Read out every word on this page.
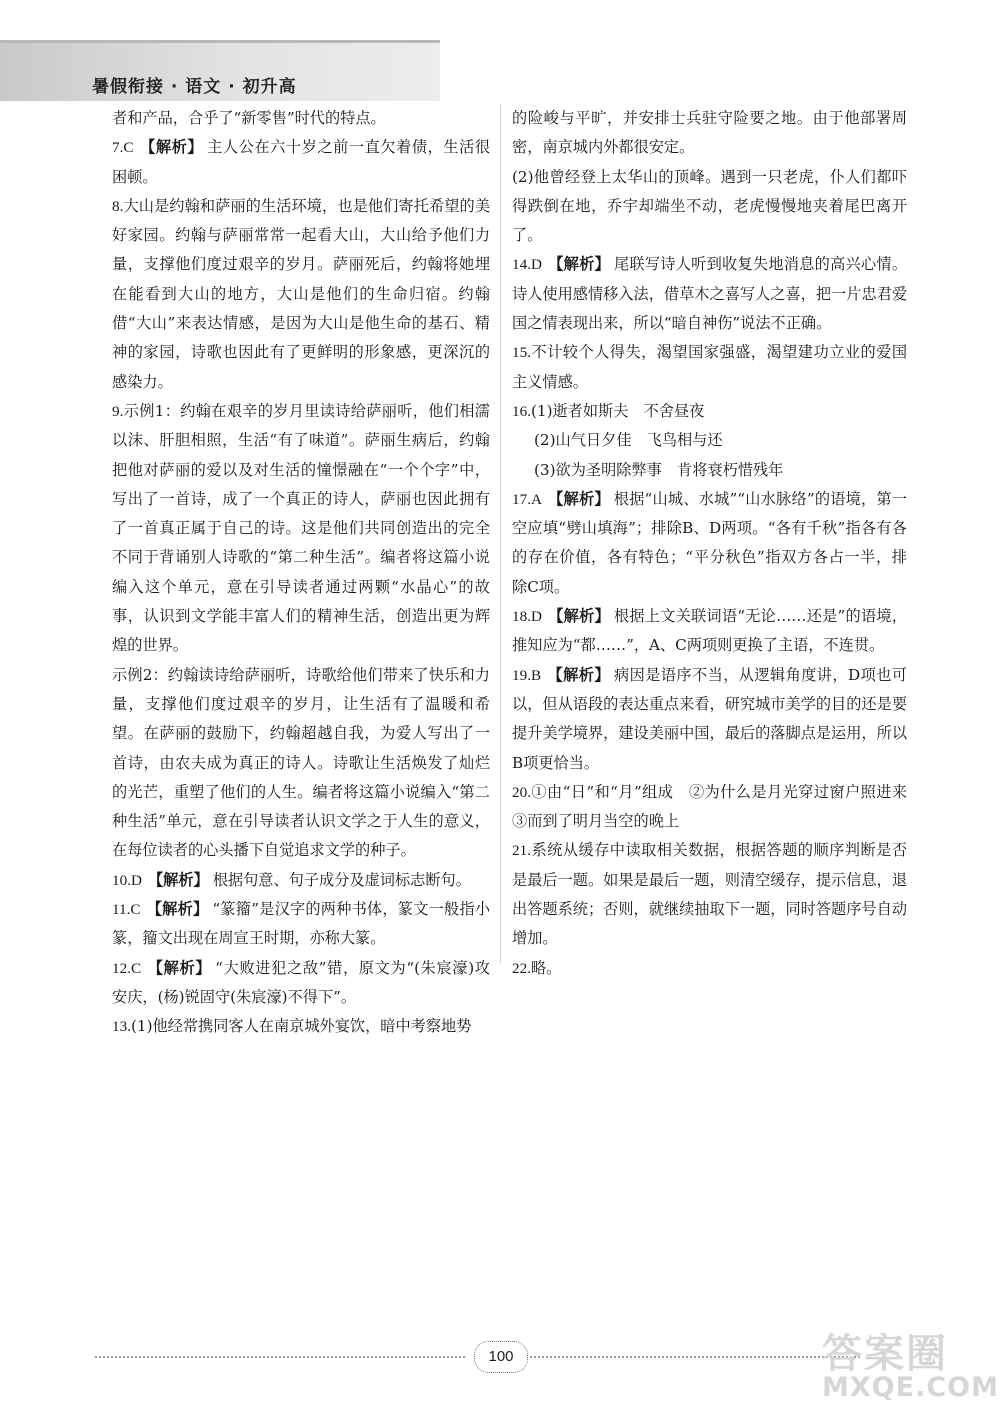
暑假衔接 · 语文 · 初升高

者和产品，合乎了“新零售”时代的特点。

7.C 【解析】 主人公在六十岁之前一直欠着债，生活很困顿。

8.大山是约翰和萨丽的生活环境，也是他们寄托希望的美好家园。约翰与萨丽常常一起看大山，大山给予他们力量，支撑他们度过艰辛的岁月。萨丽死后，约翰将她埋在能看到大山的地方，大山是他们的生命归宿。约翰借“大山”来表达情感，是因为大山是他生命的基石、精神的家园，诗歌也因此有了更鲜明的形象感，更深沉的感染力。

9.示例1：约翰在艰辛的岁月里读诗给萨丽听，他们相濡以沫、肝胆相照，生活“有了味道”。萨丽生病后，约翰把他对萨丽的爱以及对生活的憧憬融在“一个个字”中，写出了一首诗，成了一个真正的诗人，萨丽也因此拥有了一首真正属于自己的诗。这是他们共同创造出的完全不同于背诵别人诗歌的“第二种生活”。编者将这篇小说编入这个单元，意在引导读者通过两颗“水晶心”的故事，认识到文学能丰富人们的精神生活，创造出更为辉煌的世界。

示例2：约翰读诗给萨丽听，诗歌给他们带来了快乐和力量，支撑他们度过艰辛的岁月，让生活有了温暖和希望。在萨丽的鼓励下，约翰超越自我，为爱人写出了一首诗，由农夫成为真正的诗人。诗歌让生活焕发了灿烂的光芒，重塑了他们的人生。编者将这篇小说编入“第二种生活”单元，意在引导读者认识文学之于人生的意义，在每位读者的心头播下自觉追求文学的种子。

10.D 【解析】 根据句意、句子成分及虚词标志断句。

11.C 【解析】 “篆籀”是汉字的两种书体，篆文一般指小篆，籀文出现在周宣王时期，亦称大篆。

12.C 【解析】 “大败进犯之敌”错，原文为“(朱宸濠)攻安庆，(杨)锐固守(朱宸濠)不得下”。

13.(1)他经常携同客人在南京城外宴饮，暗中考察地势

的险峻与平旷，并安排士兵驻守险要之地。由于他部署周密，南京城内外都很安定。

(2)他曾经登上太华山的顶峰。遇到一只老虎，仆人们都吓得跌倒在地，乔宇却端坐不动，老虎慢慢地夹着尾巴离开了。

14.D 【解析】 尾联写诗人听到收复失地消息的高兴心情。诗人使用感情移入法，借草木之喜写人之喜，把一片忠君爱国之情表现出来，所以“暗自神伤”说法不正确。

15.不计较个人得失，渴望国家强盛，渴望建功立业的爱国主义情感。

16.(1)逝者如斯夫　不舍昼夜

(2)山气日夕佳　飞鸟相与还

(3)欲为圣明除弊事　肯将衰朽惜残年

17.A 【解析】 根据“山城、水城”“山水脉络”的语境，第一空应填“劈山填海”；排除B、D两项。“各有千秋”指各有各的存在价值，各有特色；“平分秋色”指双方各占一半，排除C项。

18.D 【解析】 根据上文关联词语“无论……还是”的语境，推知应为“都……”，A、C两项则更换了主语，不连贯。

19.B 【解析】 病因是语序不当，从逻辑角度讲，D项也可以，但从语段的表达重点来看，研究城市美学的目的还是要提升美学境界，建设美丽中国，最后的落脚点是运用，所以B项更恰当。

20.①由“日”和“月”组成　②为什么是月光穿过窗户照进来　③而到了明月当空的晚上

21.系统从缓存中读取相关数据，根据答题的顺序判断是否是最后一题。如果是最后一题，则清空缓存，提示信息，退出答题系统；否则，就继续抽取下一题，同时答题序号自动增加。

22.略。

100	答案圈
MXQE.COM
